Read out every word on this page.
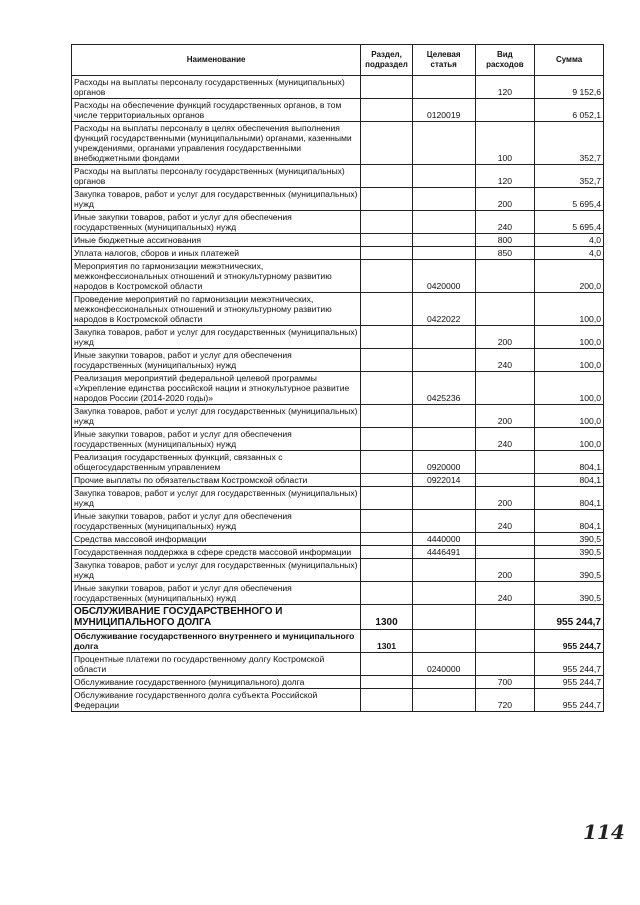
Наименование	Раздел, подраздел	Целевая статья	Вид расходов	Сумма
Расходы на выплаты персоналу государственных (муниципальных) органов			120	9 152,6
Расходы на обеспечение функций государственных органов, в том числе территориальных органов		0120019		6 052,1
Расходы на выплаты персоналу в целях обеспечения выполнения функций государственными (муниципальными) органами, казенными учреждениями, органами управления государственными внебюджетными фондами			100	352,7
Расходы на выплаты персоналу государственных (муниципальных) органов			120	352,7
Закупка товаров, работ и услуг для государственных (муниципальных) нужд			200	5 695,4
Иные закупки товаров, работ и услуг для обеспечения государственных (муниципальных) нужд			240	5 695,4
Иные бюджетные ассигнования			800	4,0
Уплата налогов, сборов и иных платежей			850	4,0
Мероприятия по гармонизации межэтнических, межконфессиональных отношений и этнокультурному развитию народов в Костромской области		0420000		200,0
Проведение мероприятий по гармонизации межэтнических, межконфессиональных отношений и этнокультурному развитию народов в Костромской области		0422022		100,0
Закупка товаров, работ и услуг для государственных (муниципальных) нужд			200	100,0
Иные закупки товаров, работ и услуг для обеспечения государственных (муниципальных) нужд			240	100,0
Реализация мероприятий федеральной целевой программы «Укрепление единства российской нации и этнокультурное развитие народов России (2014-2020 годы)»		0425236		100,0
Закупка товаров, работ и услуг для государственных (муниципальных) нужд			200	100,0
Иные закупки товаров, работ и услуг для обеспечения государственных (муниципальных) нужд			240	100,0
Реализация государственных функций, связанных с общегосударственным управлением		0920000		804,1
Прочие выплаты по обязательствам Костромской области		0922014		804,1
Закупка товаров, работ и услуг для государственных (муниципальных) нужд			200	804,1
Иные закупки товаров, работ и услуг для обеспечения государственных (муниципальных) нужд			240	804,1
Средства массовой информации		4440000		390,5
Государственная поддержка в сфере средств массовой информации		4446491		390,5
Закупка товаров, работ и услуг для государственных (муниципальных) нужд			200	390,5
Иные закупки товаров, работ и услуг для обеспечения государственных (муниципальных) нужд			240	390,5
ОБСЛУЖИВАНИЕ ГОСУДАРСТВЕННОГО И МУНИЦИПАЛЬНОГО ДОЛГА	1300			955 244,7
Обслуживание государственного внутреннего и муниципального долга	1301			955 244,7
Процентные платежи по государственному долгу Костромской области		0240000		955 244,7
Обслуживание государственного (муниципального) долга			700	955 244,7
Обслуживание государственного долга субъекта Российской Федерации			720	955 244,7
114
